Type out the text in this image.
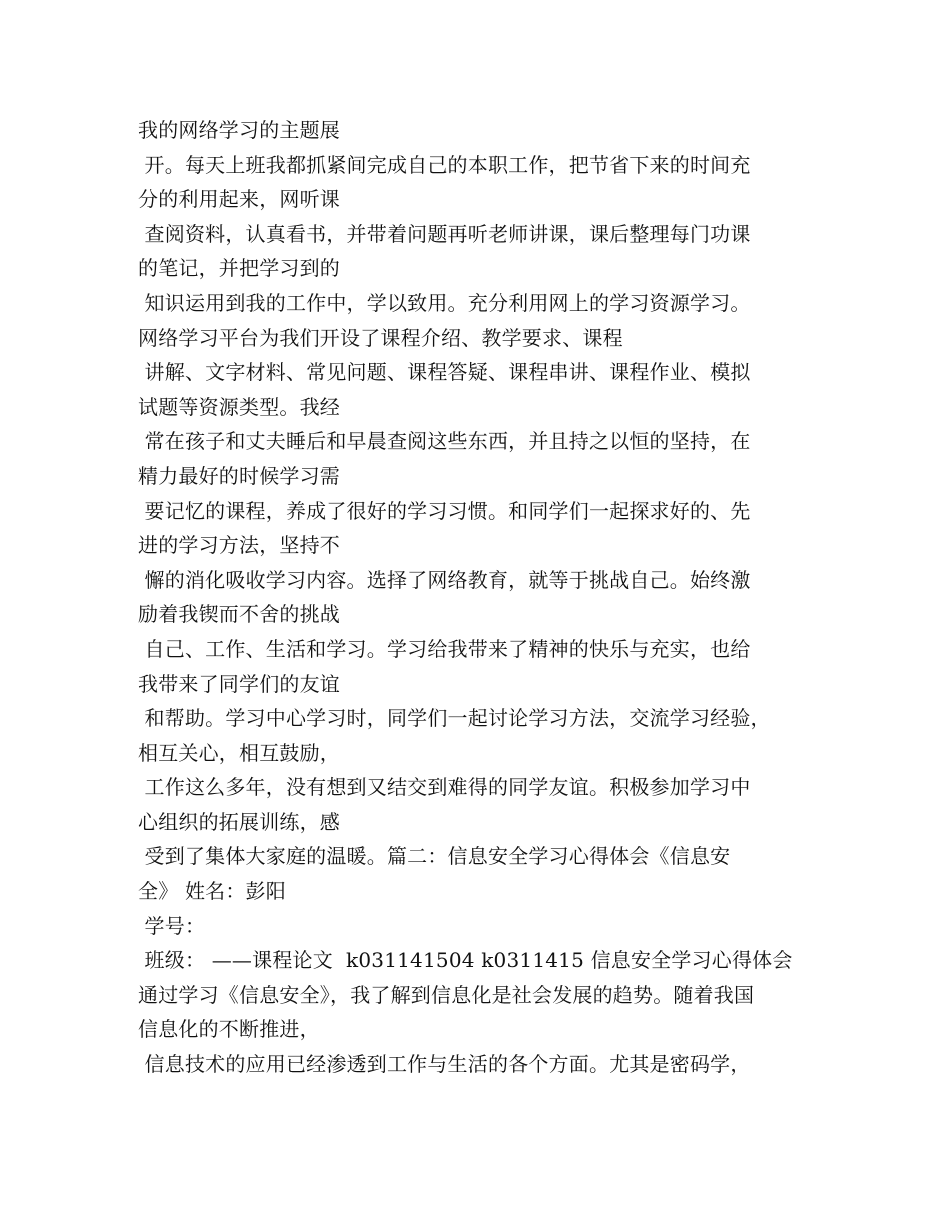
我的网络学习的主题展
开。每天上班我都抓紧间完成自己的本职工作，把节省下来的时间充
分的利用起来，网听课
查阅资料，认真看书，并带着问题再听老师讲课，课后整理每门功课
的笔记，并把学习到的
知识运用到我的工作中，学以致用。充分利用网上的学习资源学习。
网络学习平台为我们开设了课程介绍、教学要求、课程
讲解、文字材料、常见问题、课程答疑、课程串讲、课程作业、模拟
试题等资源类型。我经
常在孩子和丈夫睡后和早晨查阅这些东西，并且持之以恒的坚持，在
精力最好的时候学习需
要记忆的课程，养成了很好的学习习惯。和同学们一起探求好的、先
进的学习方法，坚持不
懈的消化吸收学习内容。选择了网络教育，就等于挑战自己。始终激
励着我锲而不舍的挑战
自己、工作、生活和学习。学习给我带来了精神的快乐与充实，也给
我带来了同学们的友谊
和帮助。学习中心学习时，同学们一起讨论学习方法，交流学习经验，
相互关心，相互鼓励，
工作这么多年，没有想到又结交到难得的同学友谊。积极参加学习中
心组织的拓展训练，感
受到了集体大家庭的温暖。篇二：信息安全学习心得体会《信息安
全》 姓名：彭阳
学号：
班级： ——课程论文  k031141504 k0311415 信息安全学习心得体会
通过学习《信息安全》，我了解到信息化是社会发展的趋势。随着我国
信息化的不断推进，
信息技术的应用已经渗透到工作与生活的各个方面。尤其是密码学，
